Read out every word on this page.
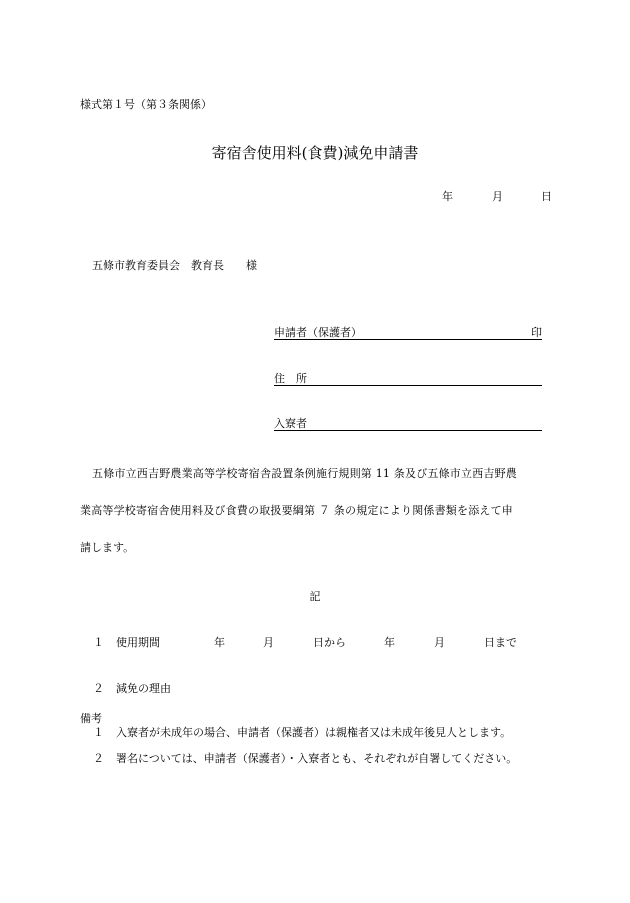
様式第１号（第３条関係）
寄宿舎使用料(食費)減免申請書
年	月	日
五條市教育委員会　教育長　　様
申請者（保護者）	印
住　所
入寮者
五條市立西吉野農業高等学校寄宿舎設置条例施行規則第 11 条及び五條市立西吉野農
業高等学校寄宿舎使用料及び食費の取扱要綱第 ７ 条の規定により関係書類を添えて申
請します。
記
１ 使用期間	年	月	日から	年	月	日まで
２ 減免の理由
備考
１ 入寮者が未成年の場合、申請者（保護者）は親権者又は未成年後見人とします。
２ 署名については、申請者（保護者）・入寮者とも、それぞれが自署してください。
